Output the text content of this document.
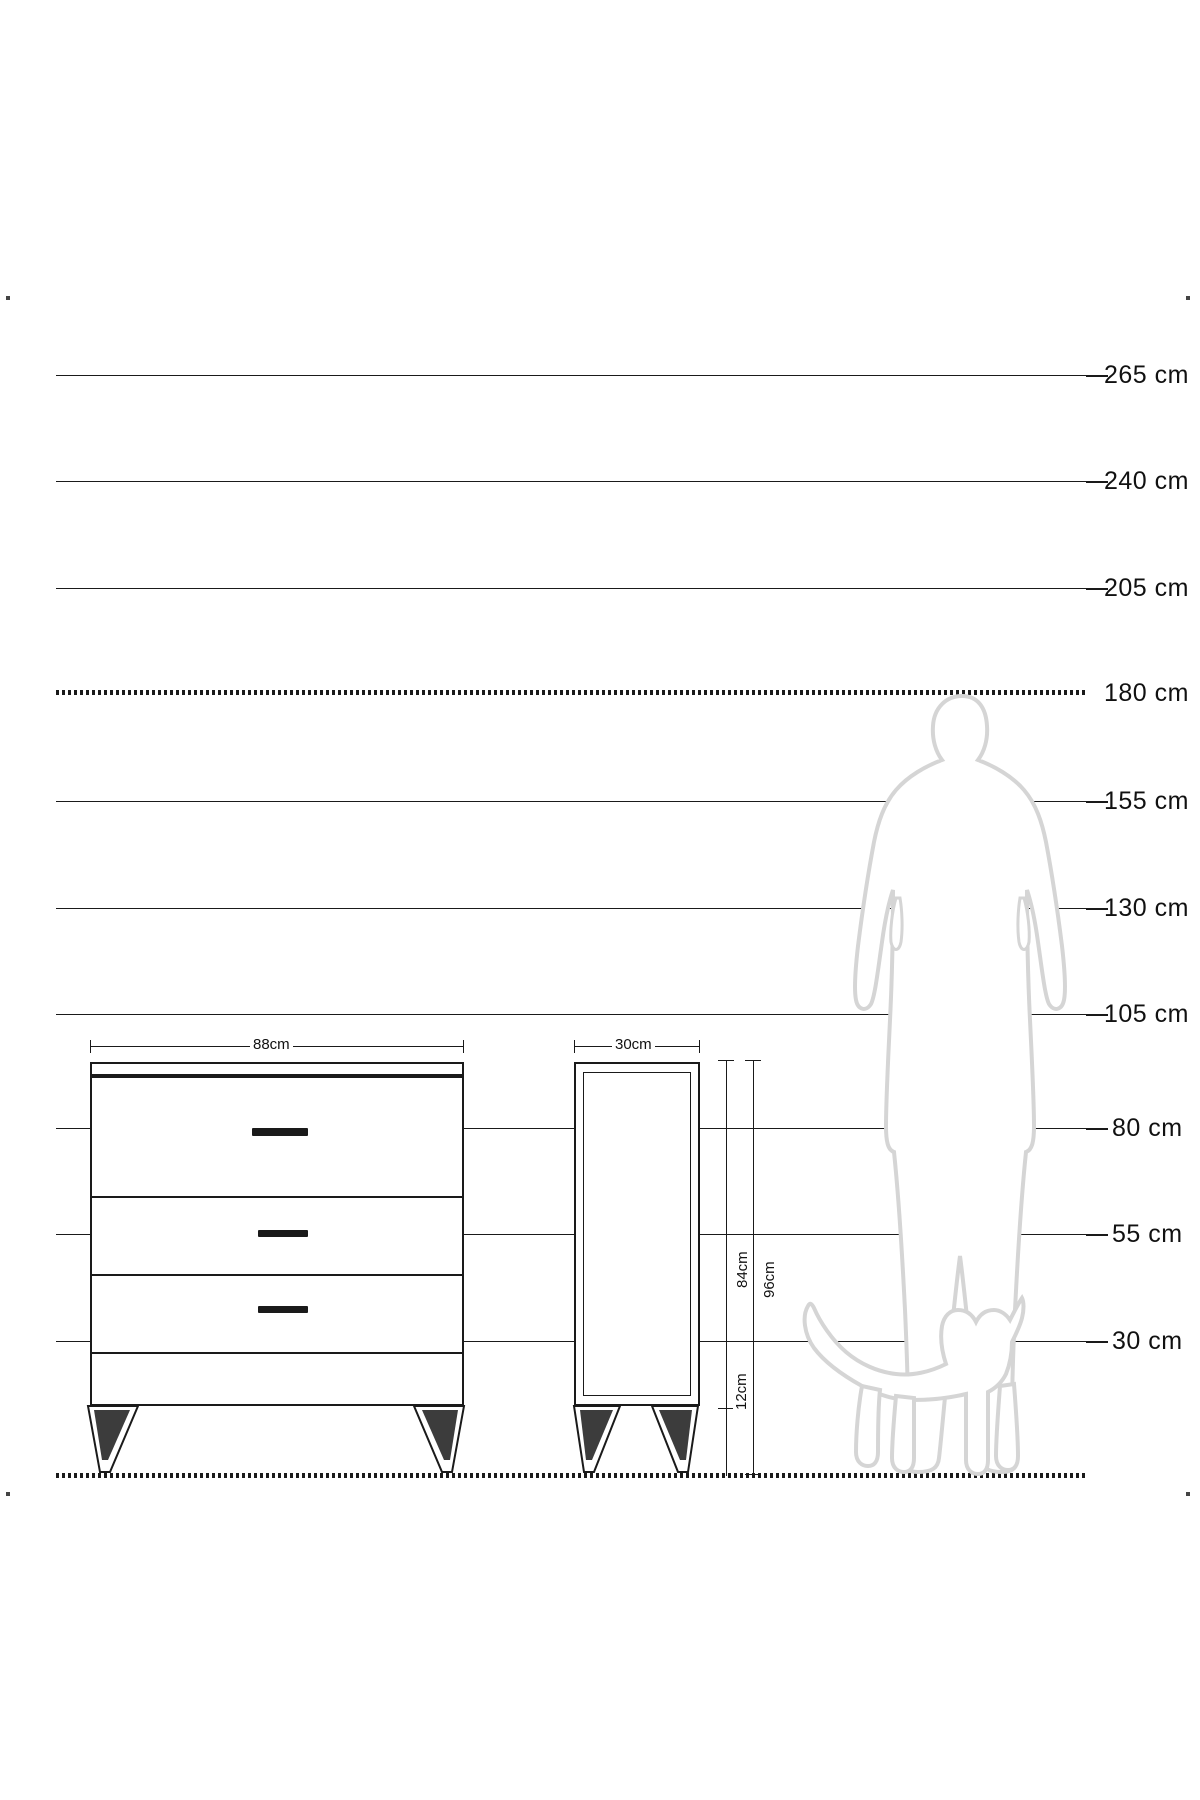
265 cm
240 cm
205 cm
180 cm
155 cm
130 cm
105 cm
80 cm
55 cm
30 cm
88cm	30cm
84cm 96cm
12cm
